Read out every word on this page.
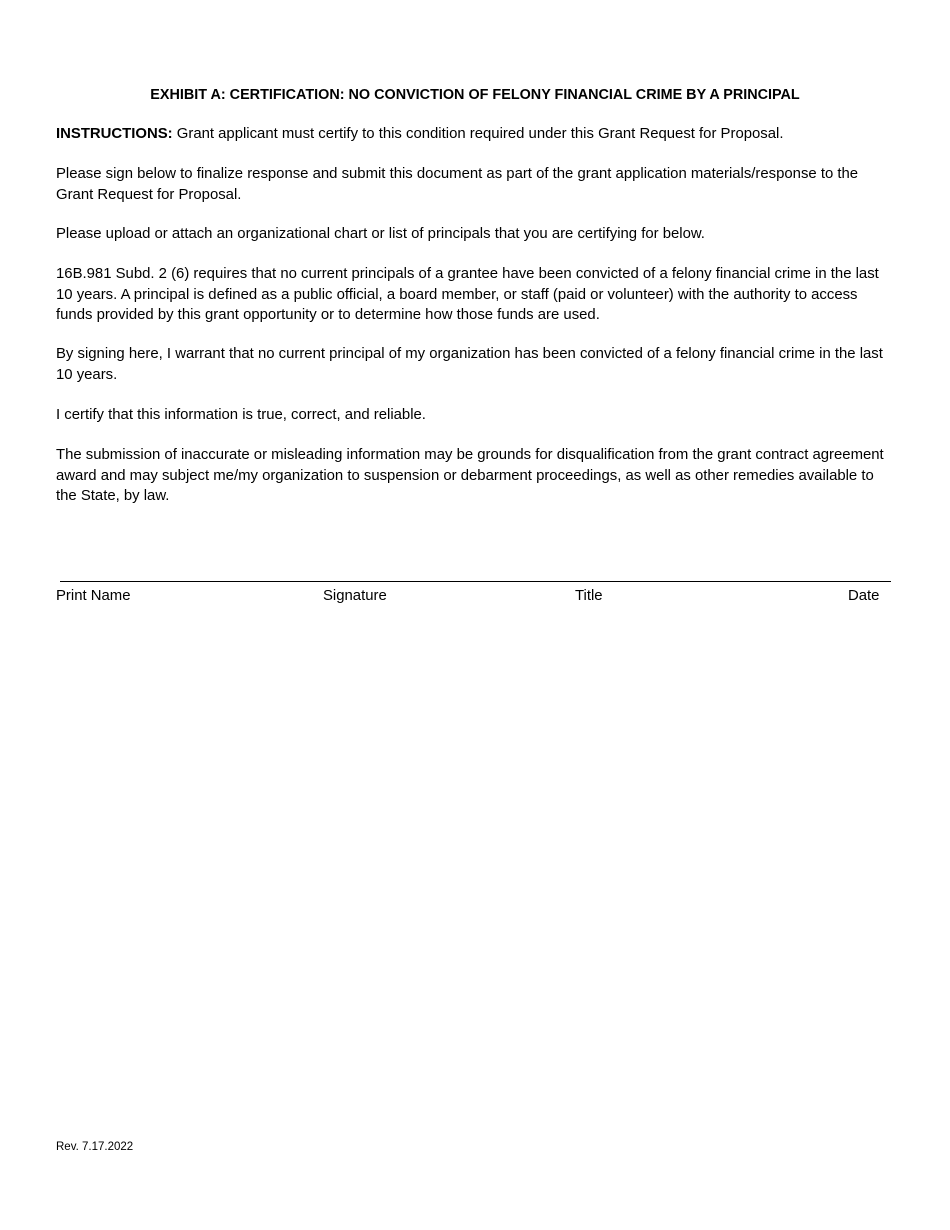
EXHIBIT A: CERTIFICATION: NO CONVICTION OF FELONY FINANCIAL CRIME BY A PRINCIPAL

INSTRUCTIONS: Grant applicant must certify to this condition required under this Grant Request for Proposal.

Please sign below to finalize response and submit this document as part of the grant application materials/response to the Grant Request for Proposal.

Please upload or attach an organizational chart or list of principals that you are certifying for below.

16B.981 Subd. 2 (6) requires that no current principals of a grantee have been convicted of a felony financial crime in the last 10 years. A principal is defined as a public official, a board member, or staff (paid or volunteer) with the authority to access funds provided by this grant opportunity or to determine how those funds are used.

By signing here, I warrant that no current principal of my organization has been convicted of a felony financial crime in the last 10 years.

I certify that this information is true, correct, and reliable.

The submission of inaccurate or misleading information may be grounds for disqualification from the grant contract agreement award and may subject me/my organization to suspension or debarment proceedings, as well as other remedies available to the State, by law.

Print Name	Signature	Title	Date
Rev. 7.17.2022
